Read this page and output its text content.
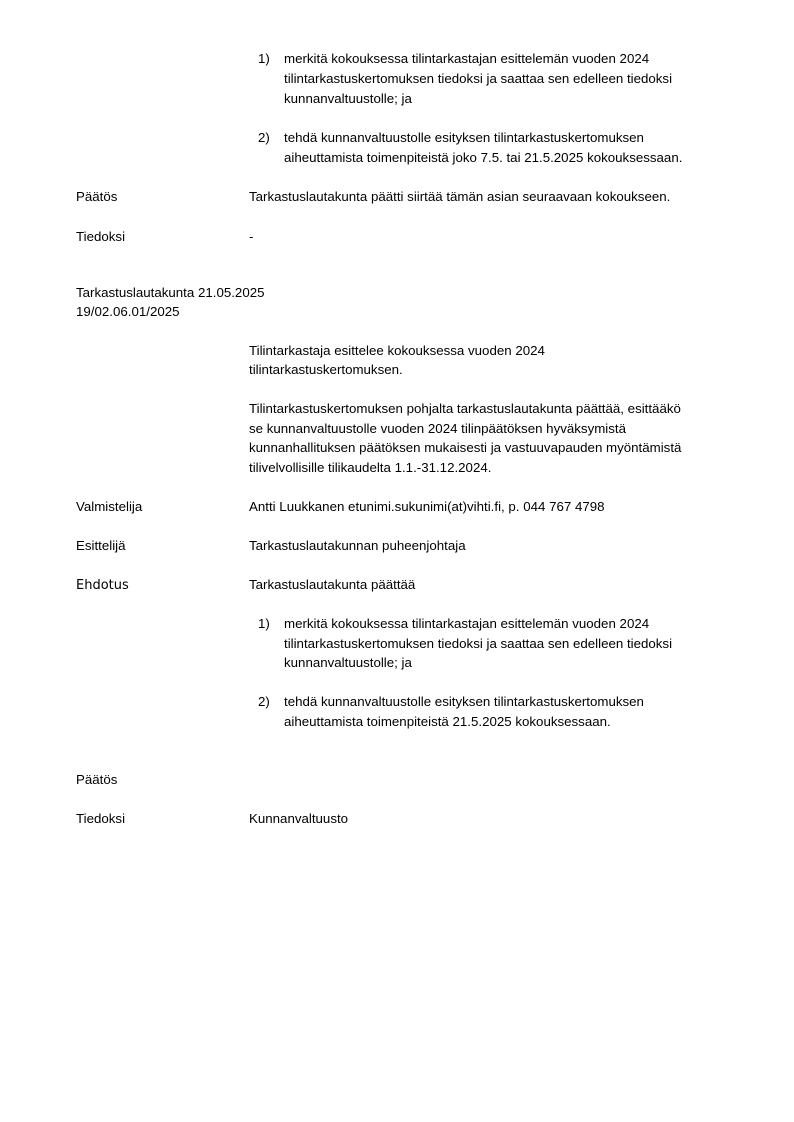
1) merkitä kokouksessa tilintarkastajan esittelemän vuoden 2024
tilintarkastuskertomuksen tiedoksi ja saattaa sen edelleen tiedoksi
kunnanvaltuustolle; ja
2) tehdä kunnanvaltuustolle esityksen tilintarkastuskertomuksen
aiheuttamista toimenpiteistä joko 7.5. tai 21.5.2025 kokouksessaan.
Päätös	Tarkastuslautakunta päätti siirtää tämän asian seuraavaan kokoukseen.
Tiedoksi	-
Tarkastuslautakunta 21.05.2025
19/02.06.01/2025
Tilintarkastaja esittelee kokouksessa vuoden 2024
tilintarkastuskertomuksen.
Tilintarkastuskertomuksen pohjalta tarkastuslautakunta päättää, esittääkö
se kunnanvaltuustolle vuoden 2024 tilinpäätöksen hyväksymistä
kunnanhallituksen päätöksen mukaisesti ja vastuuvapauden myöntämistä
tilivelvollisille tilikaudelta 1.1.-31.12.2024.
Valmistelija	Antti Luukkanen etunimi.sukunimi(at)vihti.fi, p. 044 767 4798
Esittelijä	Tarkastuslautakunnan puheenjohtaja
Ehdotus	Tarkastuslautakunta päättää
1) merkitä kokouksessa tilintarkastajan esittelemän vuoden 2024
tilintarkastuskertomuksen tiedoksi ja saattaa sen edelleen tiedoksi
kunnanvaltuustolle; ja
2) tehdä kunnanvaltuustolle esityksen tilintarkastuskertomuksen
aiheuttamista toimenpiteistä 21.5.2025 kokouksessaan.
Päätös
Tiedoksi	Kunnanvaltuusto
